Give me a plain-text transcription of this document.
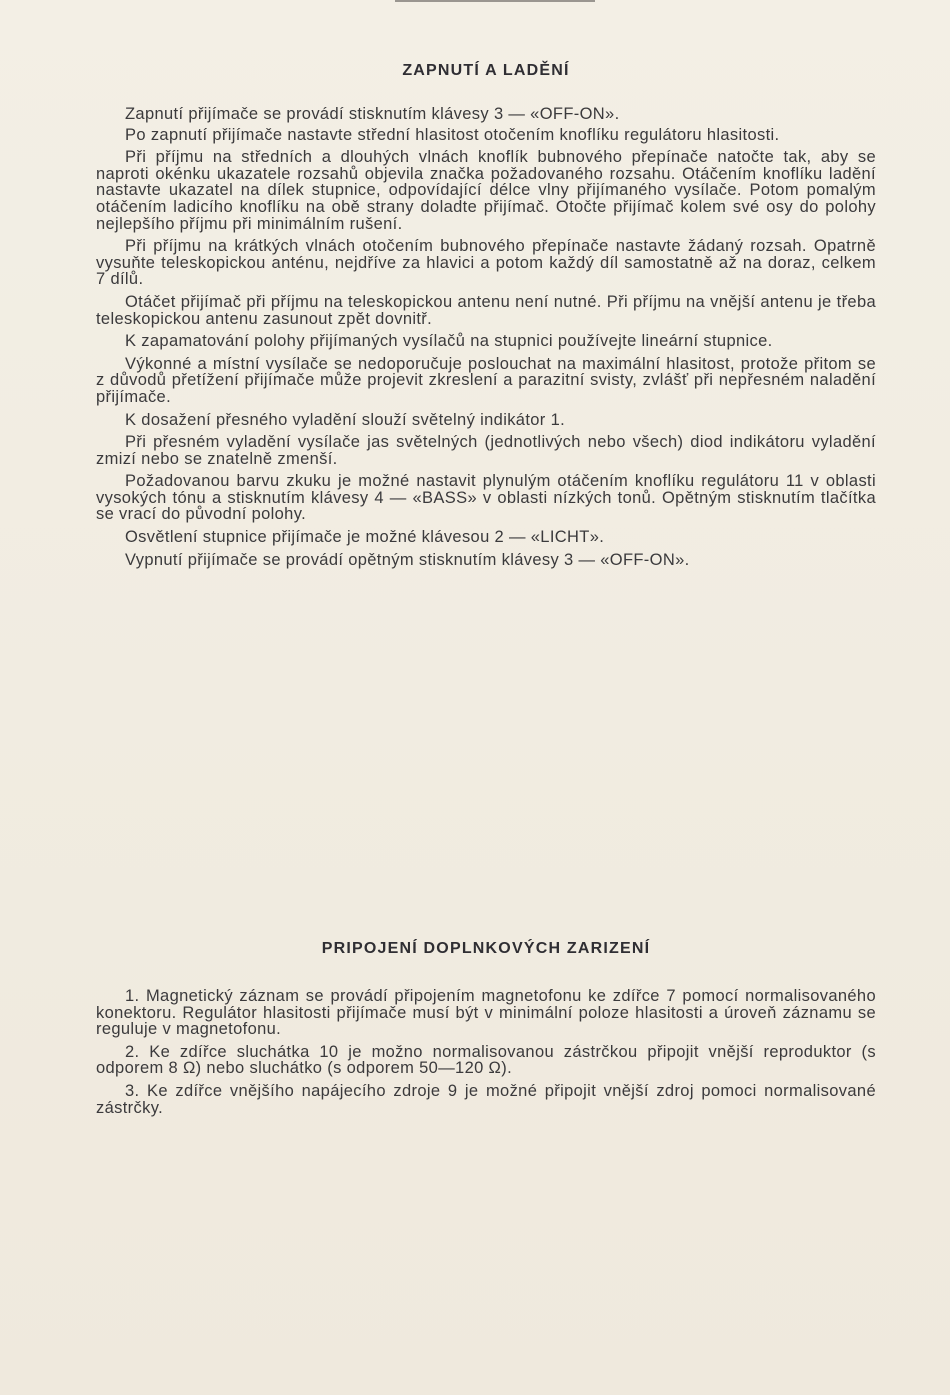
ZAPNUTÍ A LADĚNÍ

Zapnutí přijímače se provádí stisknutím klávesy 3 — «OFF-ON».

Po zapnutí přijímače nastavte střední hlasitost otočením knoflíku regulátoru hlasitosti.

Při příjmu na středních a dlouhých vlnách knoflík bubnového přepínače natočte tak, aby se naproti okénku ukazatele rozsahů objevila značka požadovaného rozsahu. Otáčením knoflíku ladění nastavte ukazatel na dílek stupnice, odpovídající délce vlny přijímaného vysílače. Potom pomalým otáčením ladicího knoflíku na obě strany doladte přijímač. Otočte přijímač kolem své osy do polohy nejlepšího příjmu při minimálním rušení.

Při příjmu na krátkých vlnách otočením bubnového přepínače nastavte žádaný rozsah. Opatrně vysuňte teleskopickou anténu, nejdříve za hlavici a potom každý díl samostatně až na doraz, celkem 7 dílů.

Otáčet přijímač při příjmu na teleskopickou antenu není nutné. Při příjmu na vnější antenu je třeba teleskopickou antenu zasunout zpět dovnitř.

K zapamatování polohy přijímaných vysílačů na stupnici používejte lineární stupnice.

Výkonné a místní vysílače se nedoporučuje poslouchat na maximální hlasitost, protože přitom se z důvodů přetížení přijímače může projevit zkreslení a parazitní svisty, zvlášť při nepřesném naladění přijímače.

K dosažení přesného vyladění slouží světelný indikátor 1.

Při přesném vyladění vysílače jas světelných (jednotlivých nebo všech) diod indikátoru vyladění zmizí nebo se znatelně zmenší.

Požadovanou barvu zkuku je možné nastavit plynulým otáčením knoflíku regulátoru 11 v oblasti vysokých tónu a stisknutím klávesy 4 — «BASS» v oblasti nízkých tonů. Opětným stisknutím tlačítka se vrací do původní polohy.

Osvětlení stupnice přijímače je možné klávesou 2 — «LICHT».

Vypnutí přijímače se provádí opětným stisknutím klávesy 3 — «OFF-ON».

PRIPOJENÍ DOPLNKOVÝCH ZARIZENÍ

1. Magnetický záznam se provádí připojením magnetofonu ke zdířce 7 pomocí normalisovaného konektoru. Regulátor hlasitosti přijímače musí být v minimální poloze hlasitosti a úroveň záznamu se reguluje v magnetofonu.

2. Ke zdířce sluchátka 10 je možno normalisovanou zástrčkou připojit vnější reproduktor (s odporem 8 Ω) nebo sluchátko (s odporem 50—120 Ω).

3. Ke zdířce vnějšího napájecího zdroje 9 je možné připojit vnější zdroj pomoci normalisované zástrčky.
